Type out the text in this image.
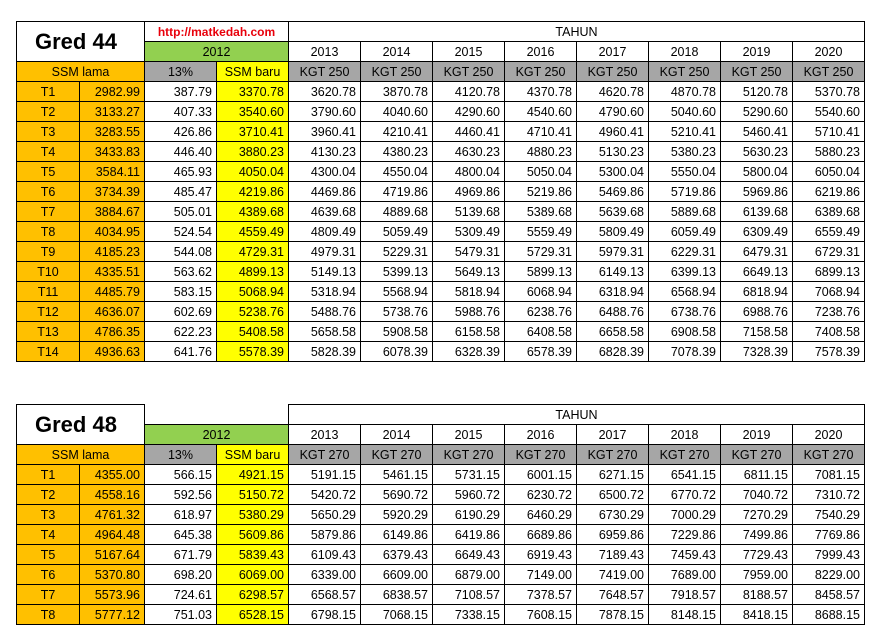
Gred 44		http://matkedah.com		TAHUN							
		2012		2013	2014	2015	2016	2017	2018	2019	2020
SSM lama		13%	SSM baru	KGT 250	KGT 250	KGT 250	KGT 250	KGT 250	KGT 250	KGT 250	KGT 250
T1	2982.99	387.79	3370.78	3620.78	3870.78	4120.78	4370.78	4620.78	4870.78	5120.78	5370.78
T2	3133.27	407.33	3540.60	3790.60	4040.60	4290.60	4540.60	4790.60	5040.60	5290.60	5540.60
T3	3283.55	426.86	3710.41	3960.41	4210.41	4460.41	4710.41	4960.41	5210.41	5460.41	5710.41
T4	3433.83	446.40	3880.23	4130.23	4380.23	4630.23	4880.23	5130.23	5380.23	5630.23	5880.23
T5	3584.11	465.93	4050.04	4300.04	4550.04	4800.04	5050.04	5300.04	5550.04	5800.04	6050.04
T6	3734.39	485.47	4219.86	4469.86	4719.86	4969.86	5219.86	5469.86	5719.86	5969.86	6219.86
T7	3884.67	505.01	4389.68	4639.68	4889.68	5139.68	5389.68	5639.68	5889.68	6139.68	6389.68
T8	4034.95	524.54	4559.49	4809.49	5059.49	5309.49	5559.49	5809.49	6059.49	6309.49	6559.49
T9	4185.23	544.08	4729.31	4979.31	5229.31	5479.31	5729.31	5979.31	6229.31	6479.31	6729.31
T10	4335.51	563.62	4899.13	5149.13	5399.13	5649.13	5899.13	6149.13	6399.13	6649.13	6899.13
T11	4485.79	583.15	5068.94	5318.94	5568.94	5818.94	6068.94	6318.94	6568.94	6818.94	7068.94
T12	4636.07	602.69	5238.76	5488.76	5738.76	5988.76	6238.76	6488.76	6738.76	6988.76	7238.76
T13	4786.35	622.23	5408.58	5658.58	5908.58	6158.58	6408.58	6658.58	6908.58	7158.58	7408.58
T14	4936.63	641.76	5578.39	5828.39	6078.39	6328.39	6578.39	6828.39	7078.39	7328.39	7578.39
Gred 48				TAHUN							
		2012		2013	2014	2015	2016	2017	2018	2019	2020
SSM lama		13%	SSM baru	KGT 270	KGT 270	KGT 270	KGT 270	KGT 270	KGT 270	KGT 270	KGT 270
T1	4355.00	566.15	4921.15	5191.15	5461.15	5731.15	6001.15	6271.15	6541.15	6811.15	7081.15
T2	4558.16	592.56	5150.72	5420.72	5690.72	5960.72	6230.72	6500.72	6770.72	7040.72	7310.72
T3	4761.32	618.97	5380.29	5650.29	5920.29	6190.29	6460.29	6730.29	7000.29	7270.29	7540.29
T4	4964.48	645.38	5609.86	5879.86	6149.86	6419.86	6689.86	6959.86	7229.86	7499.86	7769.86
T5	5167.64	671.79	5839.43	6109.43	6379.43	6649.43	6919.43	7189.43	7459.43	7729.43	7999.43
T6	5370.80	698.20	6069.00	6339.00	6609.00	6879.00	7149.00	7419.00	7689.00	7959.00	8229.00
T7	5573.96	724.61	6298.57	6568.57	6838.57	7108.57	7378.57	7648.57	7918.57	8188.57	8458.57
T8	5777.12	751.03	6528.15	6798.15	7068.15	7338.15	7608.15	7878.15	8148.15	8418.15	8688.15
